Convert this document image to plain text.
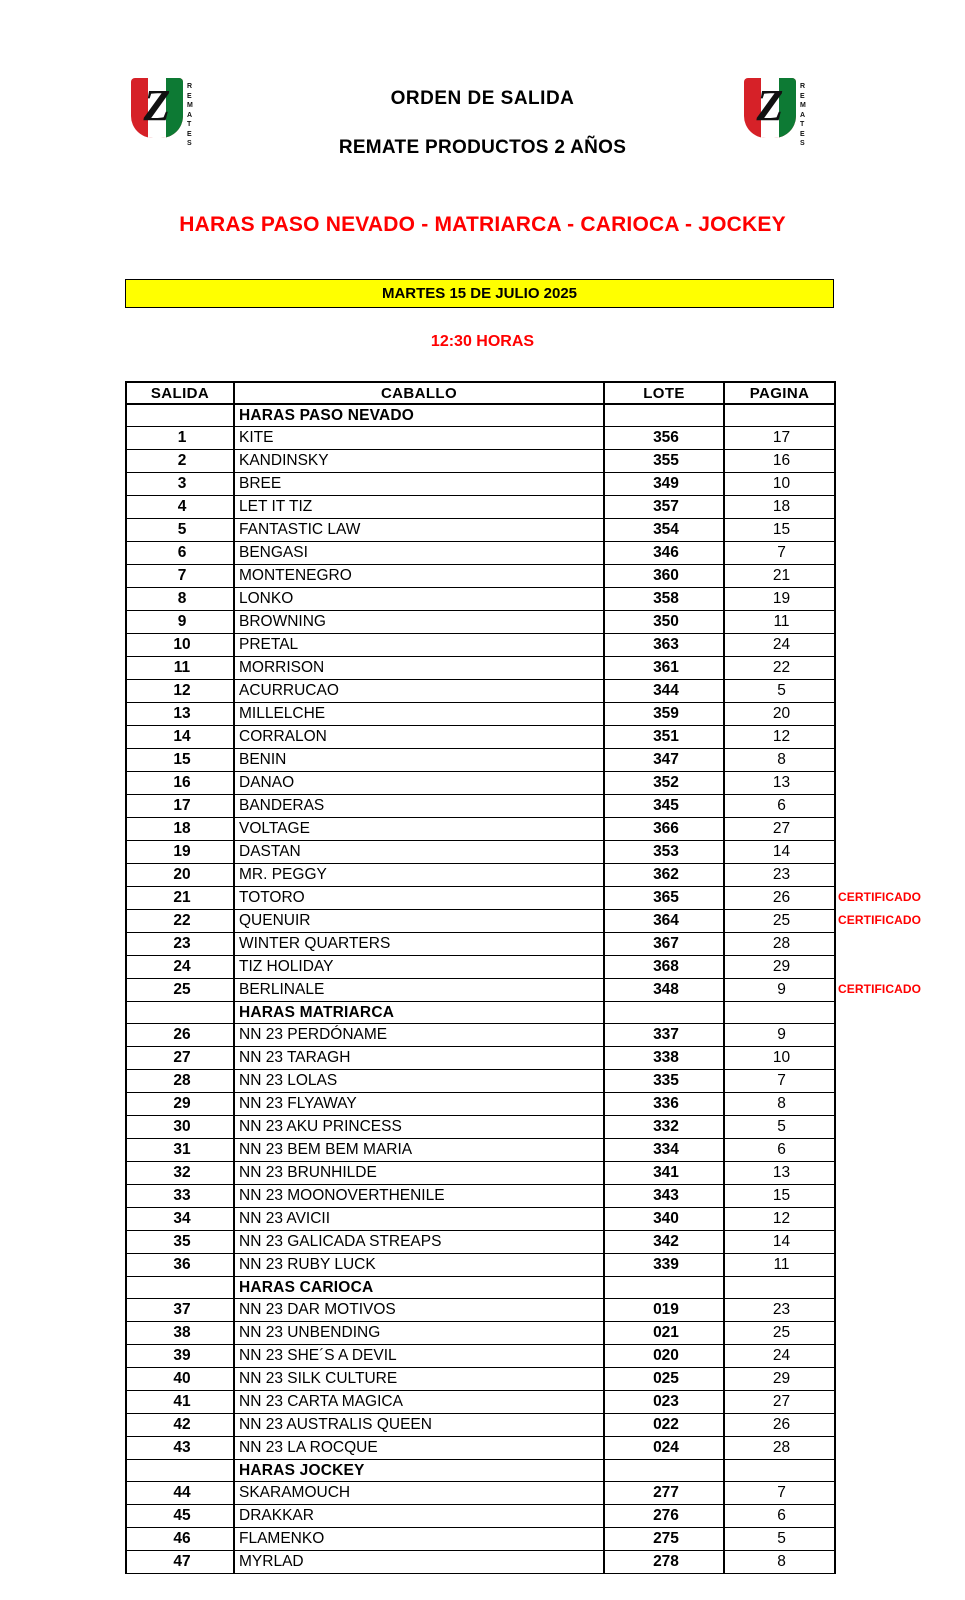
Z	R
E
M
A
T
E
S
Z	R
E
M
A
T
E
S
ORDEN DE SALIDA
REMATE PRODUCTOS 2 AÑOS
HARAS PASO NEVADO - MATRIARCA - CARIOCA - JOCKEY
MARTES 15 DE JULIO 2025
12:30 HORAS
SALIDA	CABALLO	LOTE	PAGINA
	HARAS PASO NEVADO		
1	KITE	356	17
2	KANDINSKY	355	16
3	BREE	349	10
4	LET IT TIZ	357	18
5	FANTASTIC LAW	354	15
6	BENGASI	346	7
7	MONTENEGRO	360	21
8	LONKO	358	19
9	BROWNING	350	11
10	PRETAL	363	24
11	MORRISON	361	22
12	ACURRUCAO	344	5
13	MILLELCHE	359	20
14	CORRALON	351	12
15	BENIN	347	8
16	DANAO	352	13
17	BANDERAS	345	6
18	VOLTAGE	366	27
19	DASTAN	353	14
20	MR. PEGGY	362	23
21	TOTORO	365	26
22	QUENUIR	364	25
23	WINTER QUARTERS	367	28
24	TIZ HOLIDAY	368	29
25	BERLINALE	348	9
	HARAS MATRIARCA		
26	NN 23 PERDÓNAME	337	9
27	NN 23 TARAGH	338	10
28	NN 23 LOLAS	335	7
29	NN 23 FLYAWAY	336	8
30	NN 23 AKU PRINCESS	332	5
31	NN 23 BEM BEM MARIA	334	6
32	NN 23 BRUNHILDE	341	13
33	NN 23 MOONOVERTHENILE	343	15
34	NN 23 AVICII	340	12
35	NN 23 GALICADA STREAPS	342	14
36	NN 23 RUBY LUCK	339	11
	HARAS CARIOCA		
37	NN 23 DAR MOTIVOS	019	23
38	NN 23 UNBENDING	021	25
39	NN 23 SHE´S A DEVIL	020	24
40	NN 23 SILK CULTURE	025	29
41	NN 23 CARTA MAGICA	023	27
42	NN 23 AUSTRALIS QUEEN	022	26
43	NN 23 LA ROCQUE	024	28
	HARAS JOCKEY		
44	SKARAMOUCH	277	7
45	DRAKKAR	276	6
46	FLAMENKO	275	5
47	MYRLAD	278	8
CERTIFICADO
CERTIFICADO
CERTIFICADO
